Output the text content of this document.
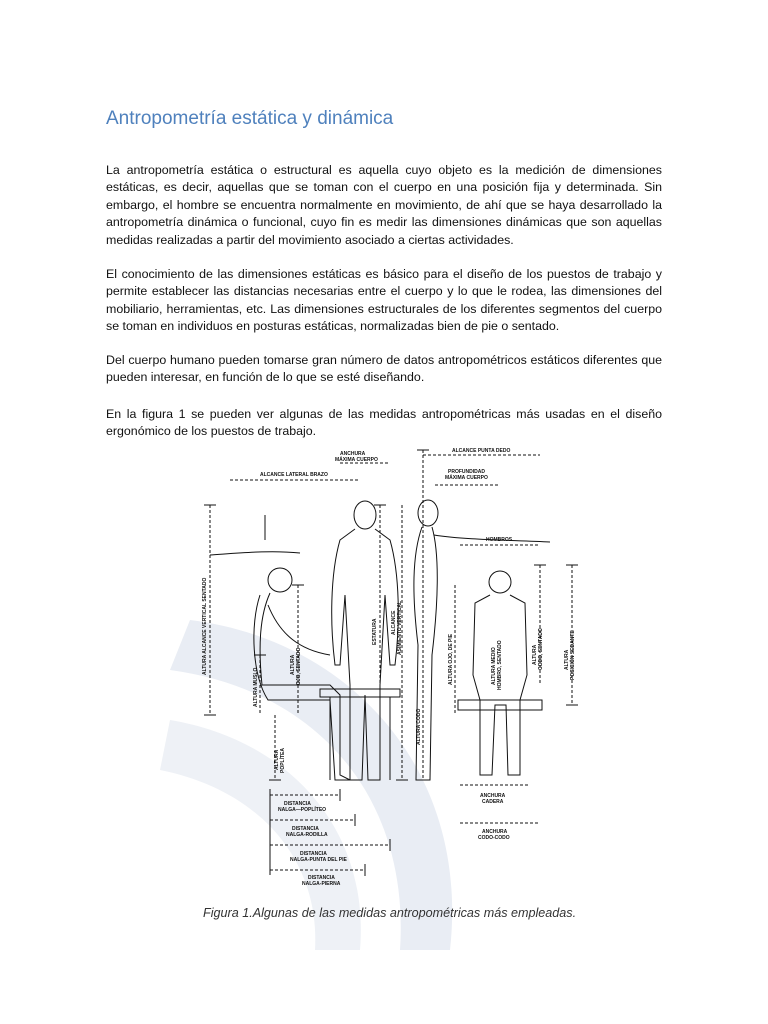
Antropometría estática y dinámica

La antropometría estática o estructural es aquella cuyo objeto es la medición de dimensiones estáticas, es decir, aquellas que se toman con el cuerpo en una posición fija y determinada. Sin embargo, el hombre se encuentra normalmente en movimiento, de ahí que se haya desarrollado la antropometría dinámica o funcional, cuyo fin es medir las dimensiones dinámicas que son aquellas medidas realizadas a partir del movimiento asociado a ciertas actividades.

El conocimiento de las dimensiones estáticas es básico para el diseño de los puestos de trabajo y permite establecer las distancias necesarias entre el cuerpo y lo que le rodea, las dimensiones del mobiliario, herramientas, etc. Las dimensiones estructurales de los diferentes segmentos del cuerpo se toman en individuos en posturas estáticas, normalizadas bien de pie o sentado.

Del cuerpo humano pueden tomarse gran número de datos antropométricos estáticos diferentes que pueden interesar, en función de lo que se esté diseñando.

En la figura 1 se pueden ver algunas de las medidas antropométricas más usadas en el diseño ergonómico de los puestos de trabajo.

ANCHURA
MÁXIMA CUERPO
ALCANCE LATERAL BRAZO
ALCANCE PUNTA DEDO
PROFUNDIDAD
MÁXIMA CUERPO
HOMBROS
ALTURA ALCANCE VERTICAL SENTADO
ALTURA MUSLO
ALTURA OJO, SENTADO
ESTATURA	ALCANCE ASIMIENTO VERTICAL
ALTURA CODO
ALTURA OJO, DE PIE	ALTURA MEDIO HOMBRO, SENTADO	ALTURA CODO, SENTADO	ALTURA POSICIÓN SEDANTE
ALTURA POPLÍTEA
DISTANCIA
NALGA—POPLÍTEO
DISTANCIA
NALGA-RODILLA
DISTANCIA
NALGA-PUNTA DEL PIE
DISTANCIA
NALGA-PIERNA
ANCHURA
CADERA
ANCHURA
CODO-CODO

Figura 1.Algunas de las medidas antropométricas más empleadas.
